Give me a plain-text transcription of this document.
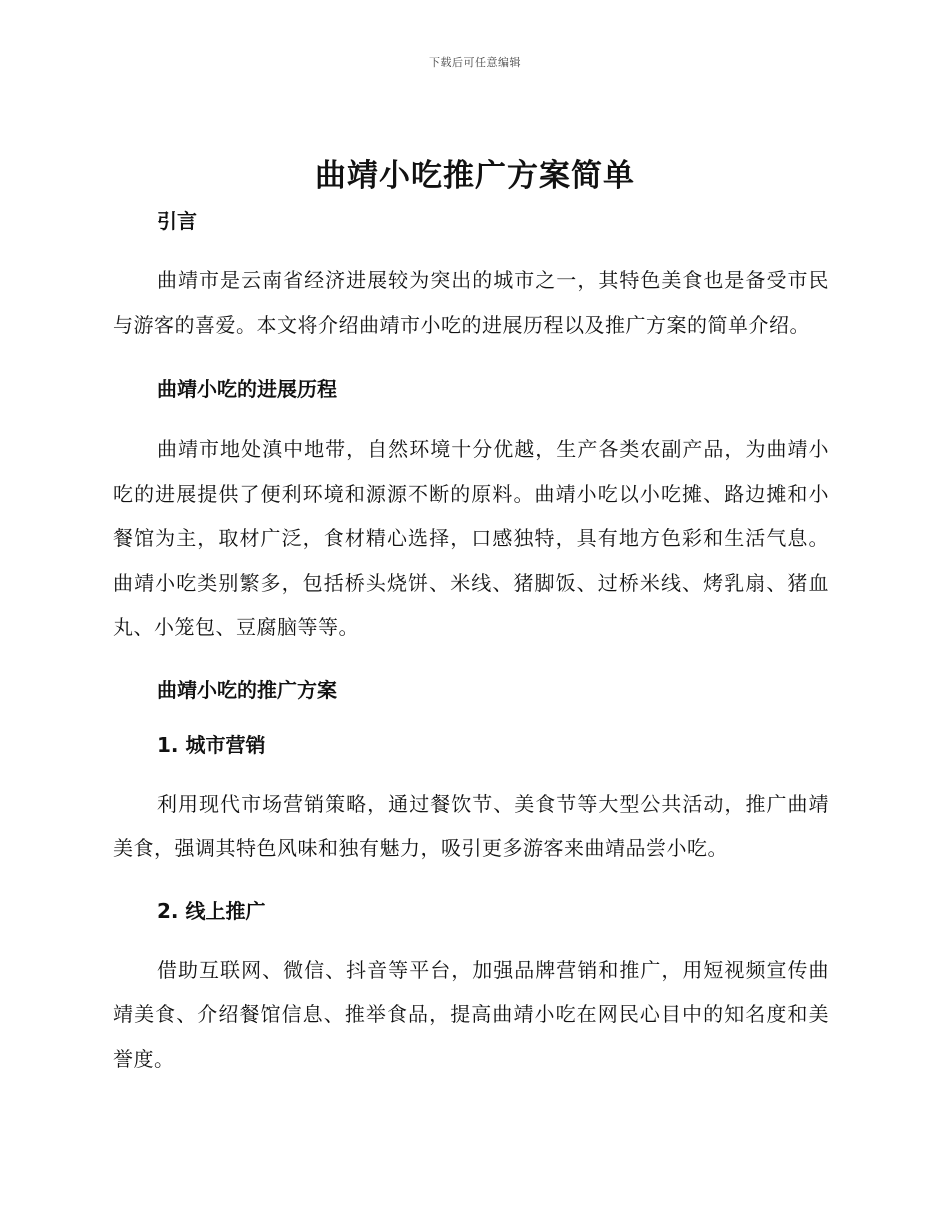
下载后可任意编辑
曲靖小吃推广方案简单
引言

曲靖市是云南省经济进展较为突出的城市之一，其特色美食也是备受市民与游客的喜爱。本文将介绍曲靖市小吃的进展历程以及推广方案的简单介绍。

曲靖小吃的进展历程

曲靖市地处滇中地带，自然环境十分优越，生产各类农副产品，为曲靖小吃的进展提供了便利环境和源源不断的原料。曲靖小吃以小吃摊、路边摊和小餐馆为主，取材广泛，食材精心选择，口感独特，具有地方色彩和生活气息。曲靖小吃类别繁多，包括桥头烧饼、米线、猪脚饭、过桥米线、烤乳扇、猪血丸、小笼包、豆腐脑等等。

曲靖小吃的推广方案
1. 城市营销

利用现代市场营销策略，通过餐饮节、美食节等大型公共活动，推广曲靖美食，强调其特色风味和独有魅力，吸引更多游客来曲靖品尝小吃。

2. 线上推广

借助互联网、微信、抖音等平台，加强品牌营销和推广，用短视频宣传曲靖美食、介绍餐馆信息、推举食品，提高曲靖小吃在网民心目中的知名度和美誉度。
